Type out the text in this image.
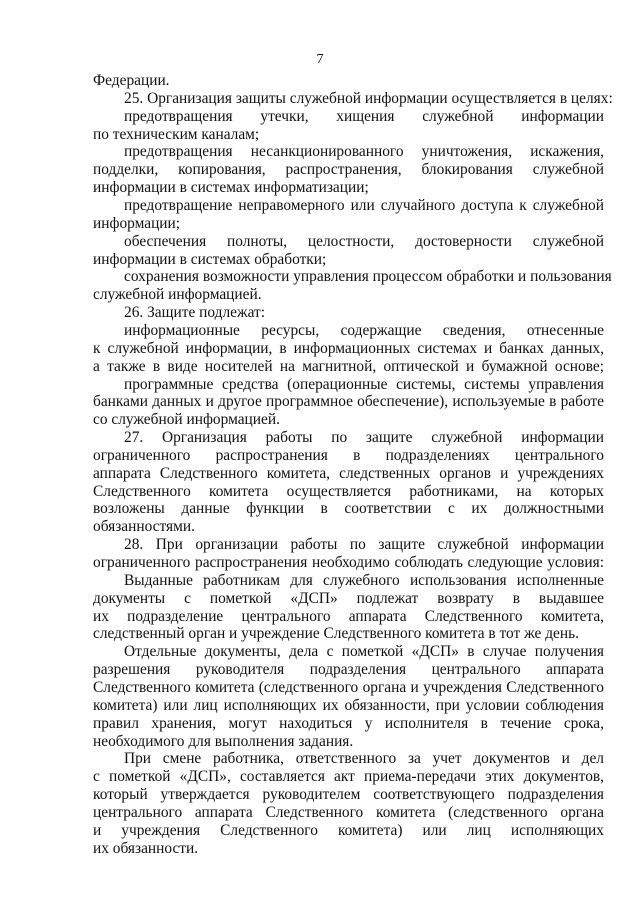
7
Федерации.
25. Организация защиты служебной информации осуществляется в целях:
предотвращения утечки, хищения служебной информации
по техническим каналам;
предотвращения несанкционированного уничтожения, искажения,
подделки, копирования, распространения, блокирования служебной
информации в системах информатизации;
предотвращение неправомерного или случайного доступа к служебной
информации;
обеспечения полноты, целостности, достоверности служебной
информации в системах обработки;
сохранения возможности управления процессом обработки и пользования
служебной информацией.
26. Защите подлежат:
информационные ресурсы, содержащие сведения, отнесенные
к служебной информации, в информационных системах и банках данных,
а также в виде носителей на магнитной, оптической и бумажной основе;
программные средства (операционные системы, системы управления
банками данных и другое программное обеспечение), используемые в работе
со служебной информацией.
27. Организация работы по защите служебной информации
ограниченного распространения в подразделениях центрального
аппарата Следственного комитета, следственных органов и учреждениях
Следственного комитета осуществляется работниками, на которых
возложены данные функции в соответствии с их должностными
обязанностями.
28. При организации работы по защите служебной информации
ограниченного распространения необходимо соблюдать следующие условия:
Выданные работникам для служебного использования исполненные
документы с пометкой «ДСП» подлежат возврату в выдавшее
их подразделение центрального аппарата Следственного комитета,
следственный орган и учреждение Следственного комитета в тот же день.
Отдельные документы, дела с пометкой «ДСП» в случае получения
разрешения руководителя подразделения центрального аппарата
Следственного комитета (следственного органа и учреждения Следственного
комитета) или лиц исполняющих их обязанности, при условии соблюдения
правил хранения, могут находиться у исполнителя в течение срока,
необходимого для выполнения задания.
При смене работника, ответственного за учет документов и дел
с пометкой «ДСП», составляется акт приема-передачи этих документов,
который утверждается руководителем соответствующего подразделения
центрального аппарата Следственного комитета (следственного органа
и учреждения Следственного комитета) или лиц исполняющих
их обязанности.
